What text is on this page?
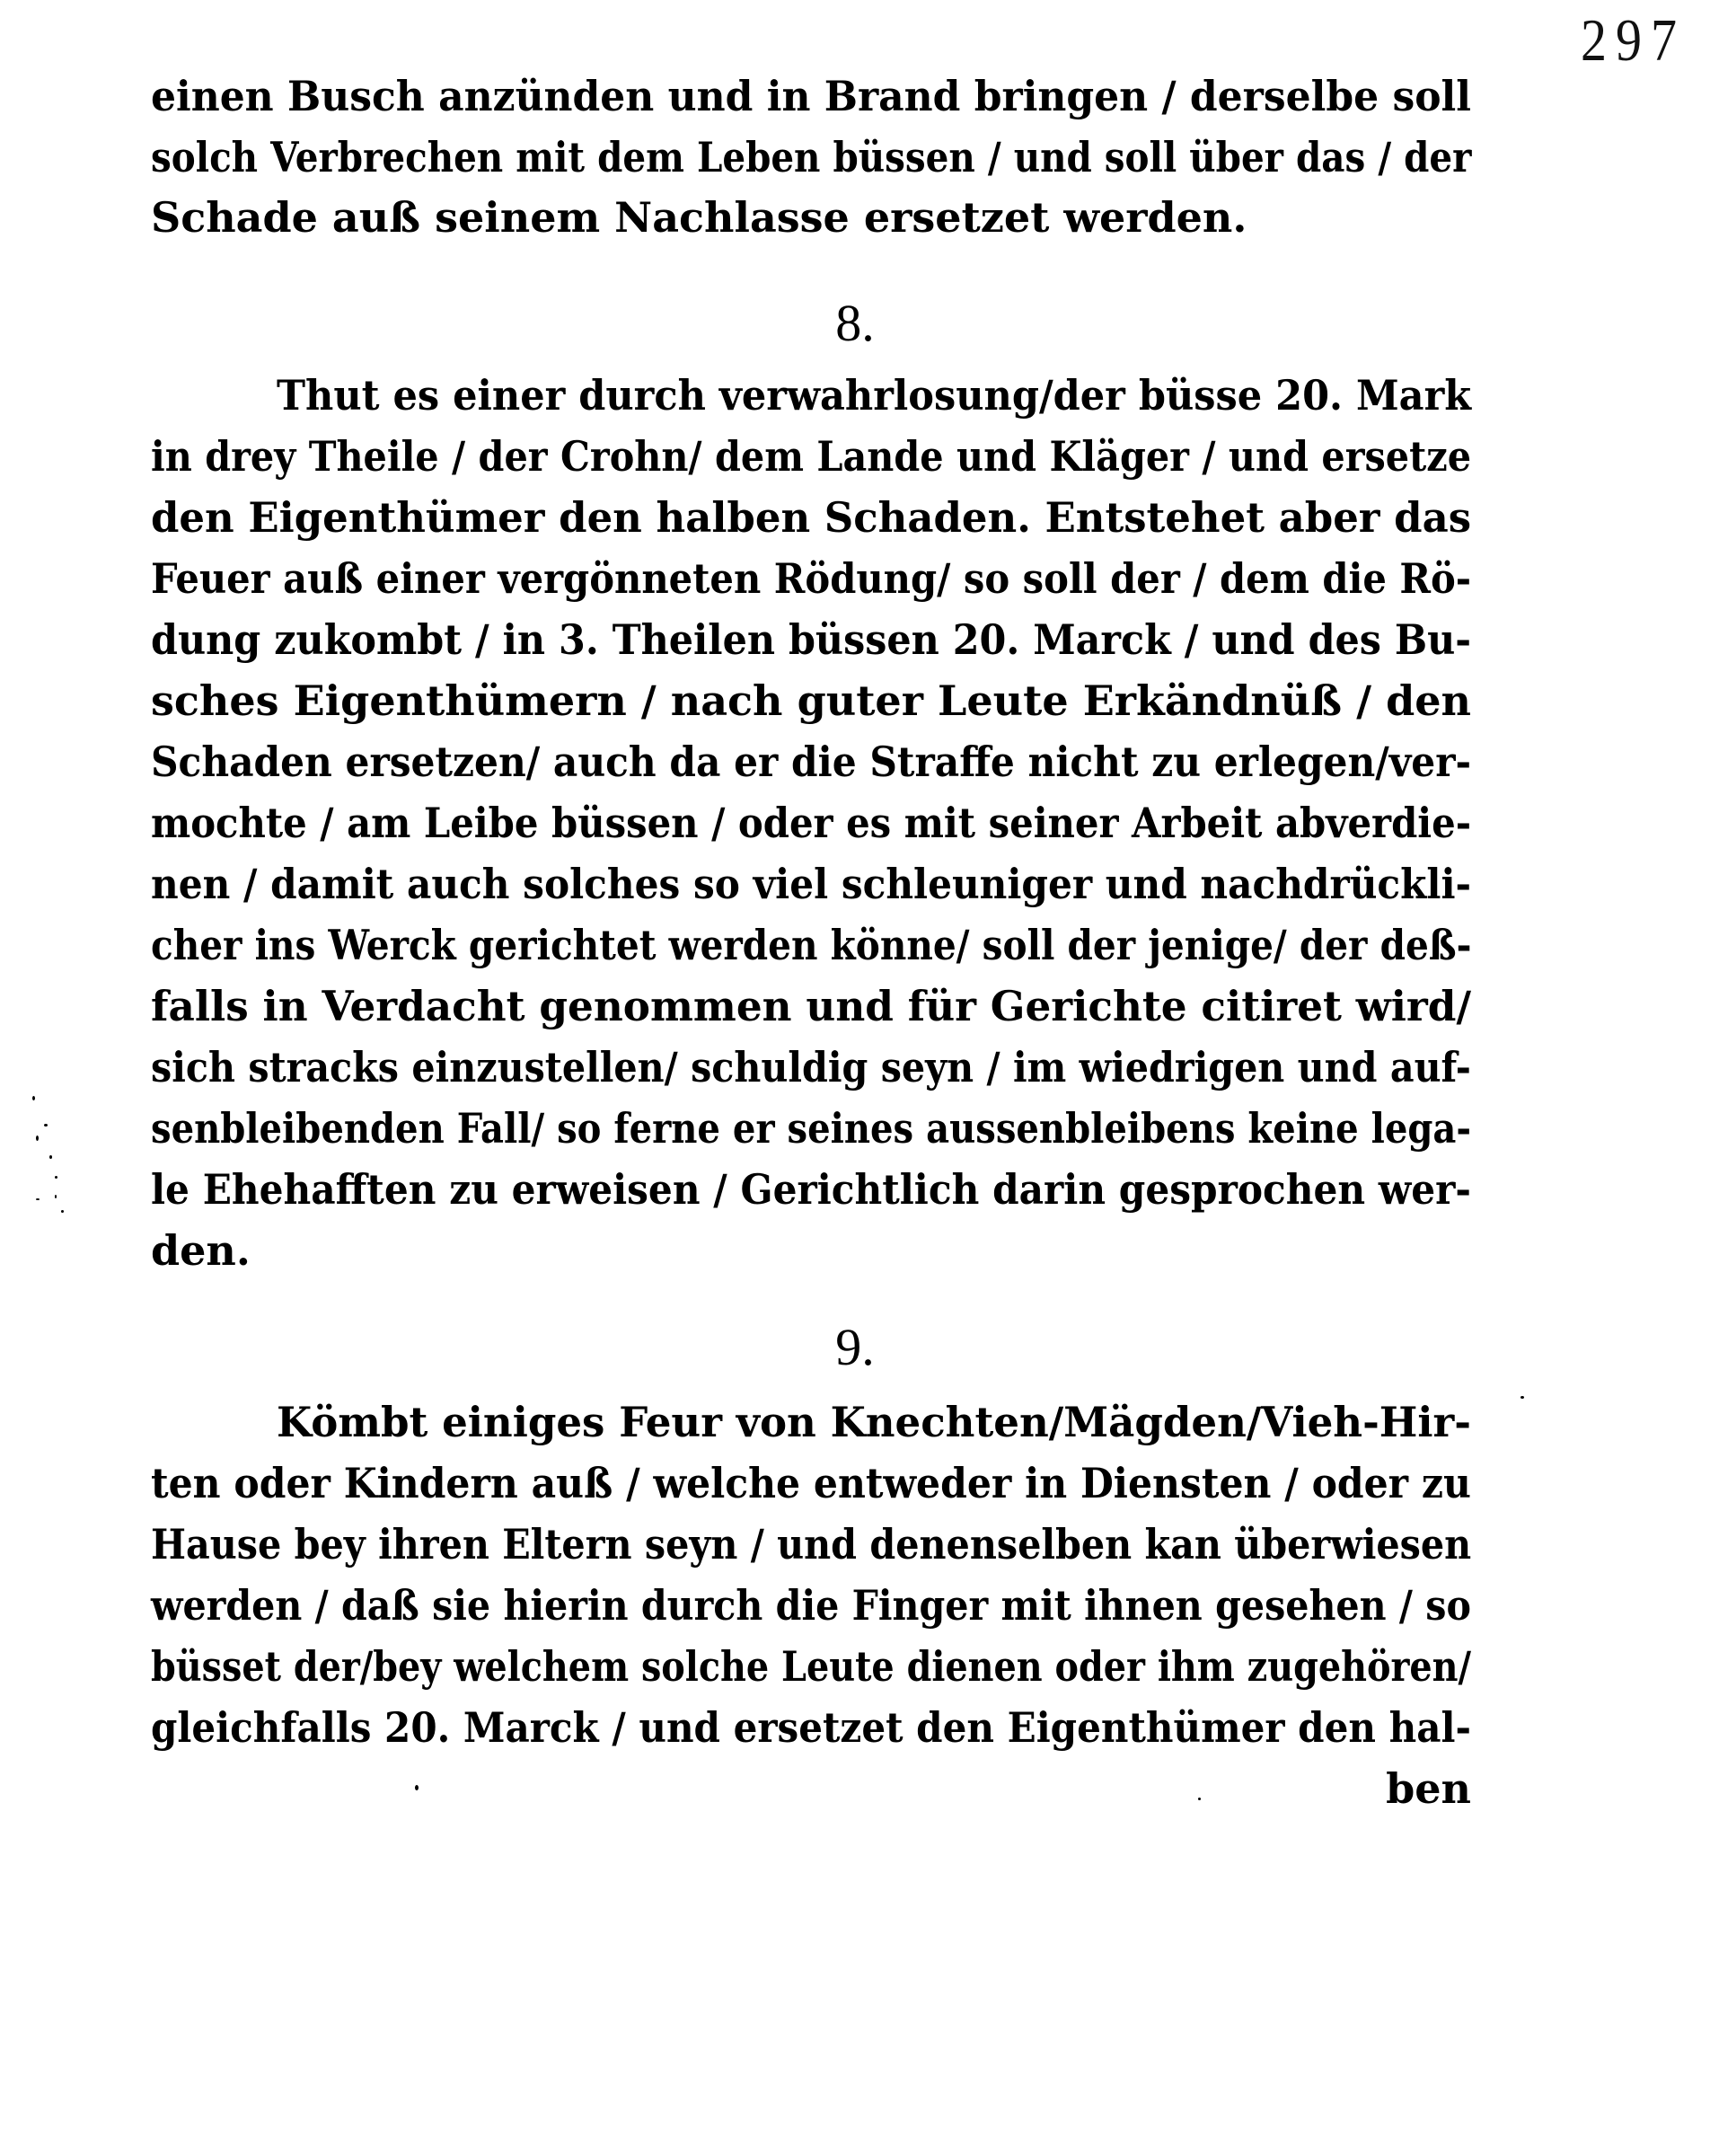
297
einen Busch anzünden und in Brand bringen / derselbe soll
solch Verbrechen mit dem Leben büssen / und soll über das / der
Schade auß seinem Nachlasse ersetzet werden.
8.
Thut es einer durch verwahrlosung/der büsse 20. Mark
in drey Theile / der Crohn/ dem Lande und Kläger / und ersetze
den Eigenthümer den halben Schaden. Entstehet aber das
Feuer auß einer vergönneten Rödung/ so soll der / dem die Rö-
dung zukombt / in 3. Theilen büssen 20. Marck / und des Bu-
sches Eigenthümern / nach guter Leute Erkändnüß / den
Schaden ersetzen/ auch da er die Straffe nicht zu erlegen/ver-
mochte / am Leibe büssen / oder es mit seiner Arbeit abverdie-
nen / damit auch solches so viel schleuniger und nachdrückli-
cher ins Werck gerichtet werden könne/ soll der jenige/ der deß-
falls in Verdacht genommen und für Gerichte citiret wird/
sich stracks einzustellen/ schuldig seyn / im wiedrigen und auf-
senbleibenden Fall/ so ferne er seines aussenbleibens keine lega-
le Ehehafften zu erweisen / Gerichtlich darin gesprochen wer-
den.
9.
Kömbt einiges Feur von Knechten/Mägden/Vieh-Hir-
ten oder Kindern auß / welche entweder in Diensten / oder zu
Hause bey ihren Eltern seyn / und denenselben kan überwiesen
werden / daß sie hierin durch die Finger mit ihnen gesehen / so
büsset der/bey welchem solche Leute dienen oder ihm zugehören/
gleichfalls 20. Marck / und ersetzet den Eigenthümer den hal-
ben
